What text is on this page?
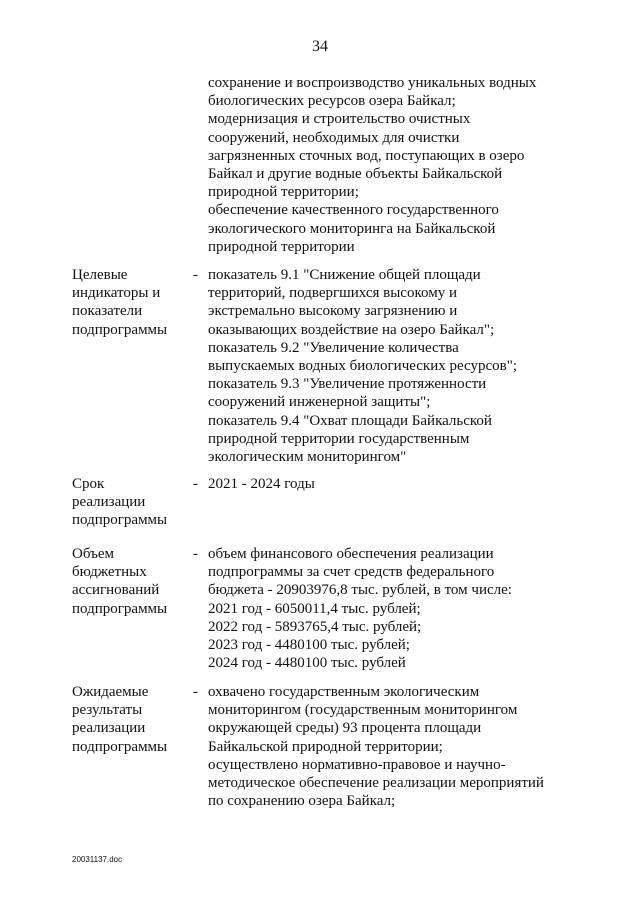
34
сохранение и воспроизводство уникальных водных
биологических ресурсов озера Байкал;
модернизация и строительство очистных
сооружений, необходимых для очистки
загрязненных сточных вод, поступающих в озеро
Байкал и другие водные объекты Байкальской
природной территории;
обеспечение качественного государственного
экологического мониторинга на Байкальской
природной территории
Целевые
индикаторы и
показатели
подпрограммы
- показатель 9.1 "Снижение общей площади
территорий, подвергшихся высокому и
экстремально высокому загрязнению и
оказывающих воздействие на озеро Байкал";
показатель 9.2 "Увеличение количества
выпускаемых водных биологических ресурсов";
показатель 9.3 "Увеличение протяженности
сооружений инженерной защиты";
показатель 9.4 "Охват площади Байкальской
природной территории государственным
экологическим мониторингом"
Срок
реализации
подпрограммы
- 2021 - 2024 годы
Объем
бюджетных
ассигнований
подпрограммы
- объем финансового обеспечения реализации
подпрограммы за счет средств федерального
бюджета - 20903976,8 тыс. рублей, в том числе:
2021 год - 6050011,4 тыс. рублей;
2022 год - 5893765,4 тыс. рублей;
2023 год - 4480100 тыс. рублей;
2024 год - 4480100 тыс. рублей
Ожидаемые
результаты
реализации
подпрограммы
- охвачено государственным экологическим
мониторингом (государственным мониторингом
окружающей среды) 93 процента площади
Байкальской природной территории;
осуществлено нормативно-правовое и научно-
методическое обеспечение реализации мероприятий
по сохранению озера Байкал;
20031137.doc
